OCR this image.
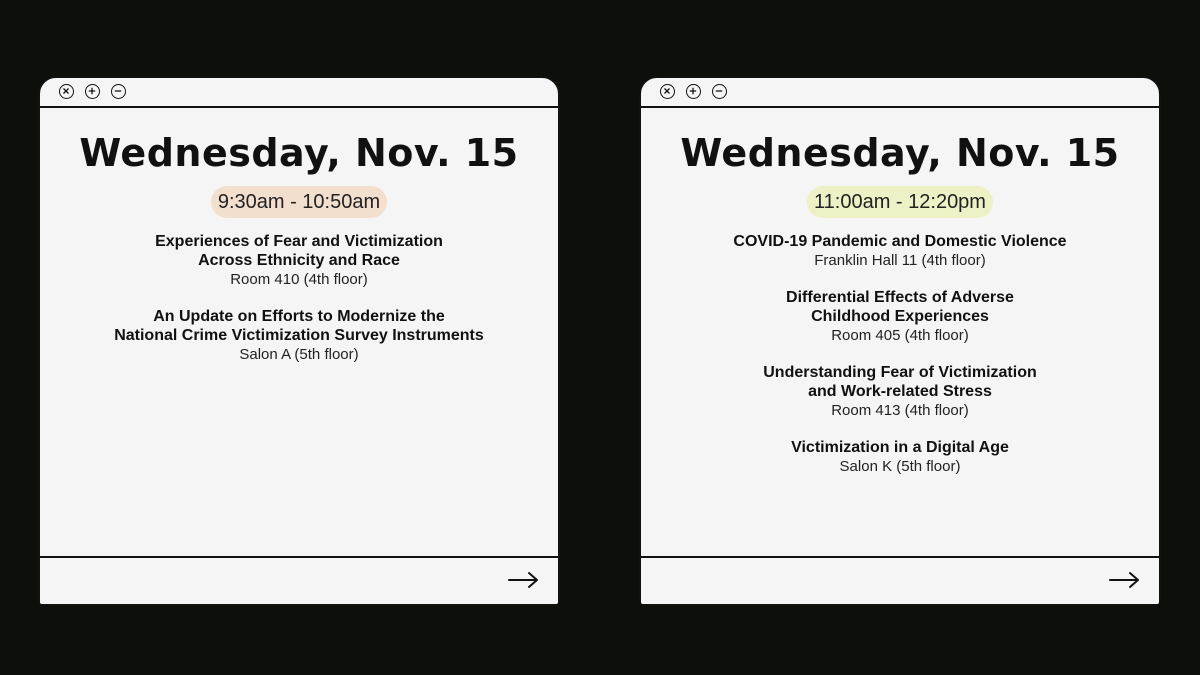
Wednesday, Nov. 15
9:30am - 10:50am
Experiences of Fear and Victimization
Across Ethnicity and Race
Room 410 (4th floor)
An Update on Efforts to Modernize the
National Crime Victimization Survey Instruments
Salon A (5th floor)
Wednesday, Nov. 15
11:00am - 12:20pm
COVID-19 Pandemic and Domestic Violence
Franklin Hall 11 (4th floor)
Differential Effects of Adverse
Childhood Experiences
Room 405 (4th floor)
Understanding Fear of Victimization
and Work-related Stress
Room 413 (4th floor)
Victimization in a Digital Age
Salon K (5th floor)
